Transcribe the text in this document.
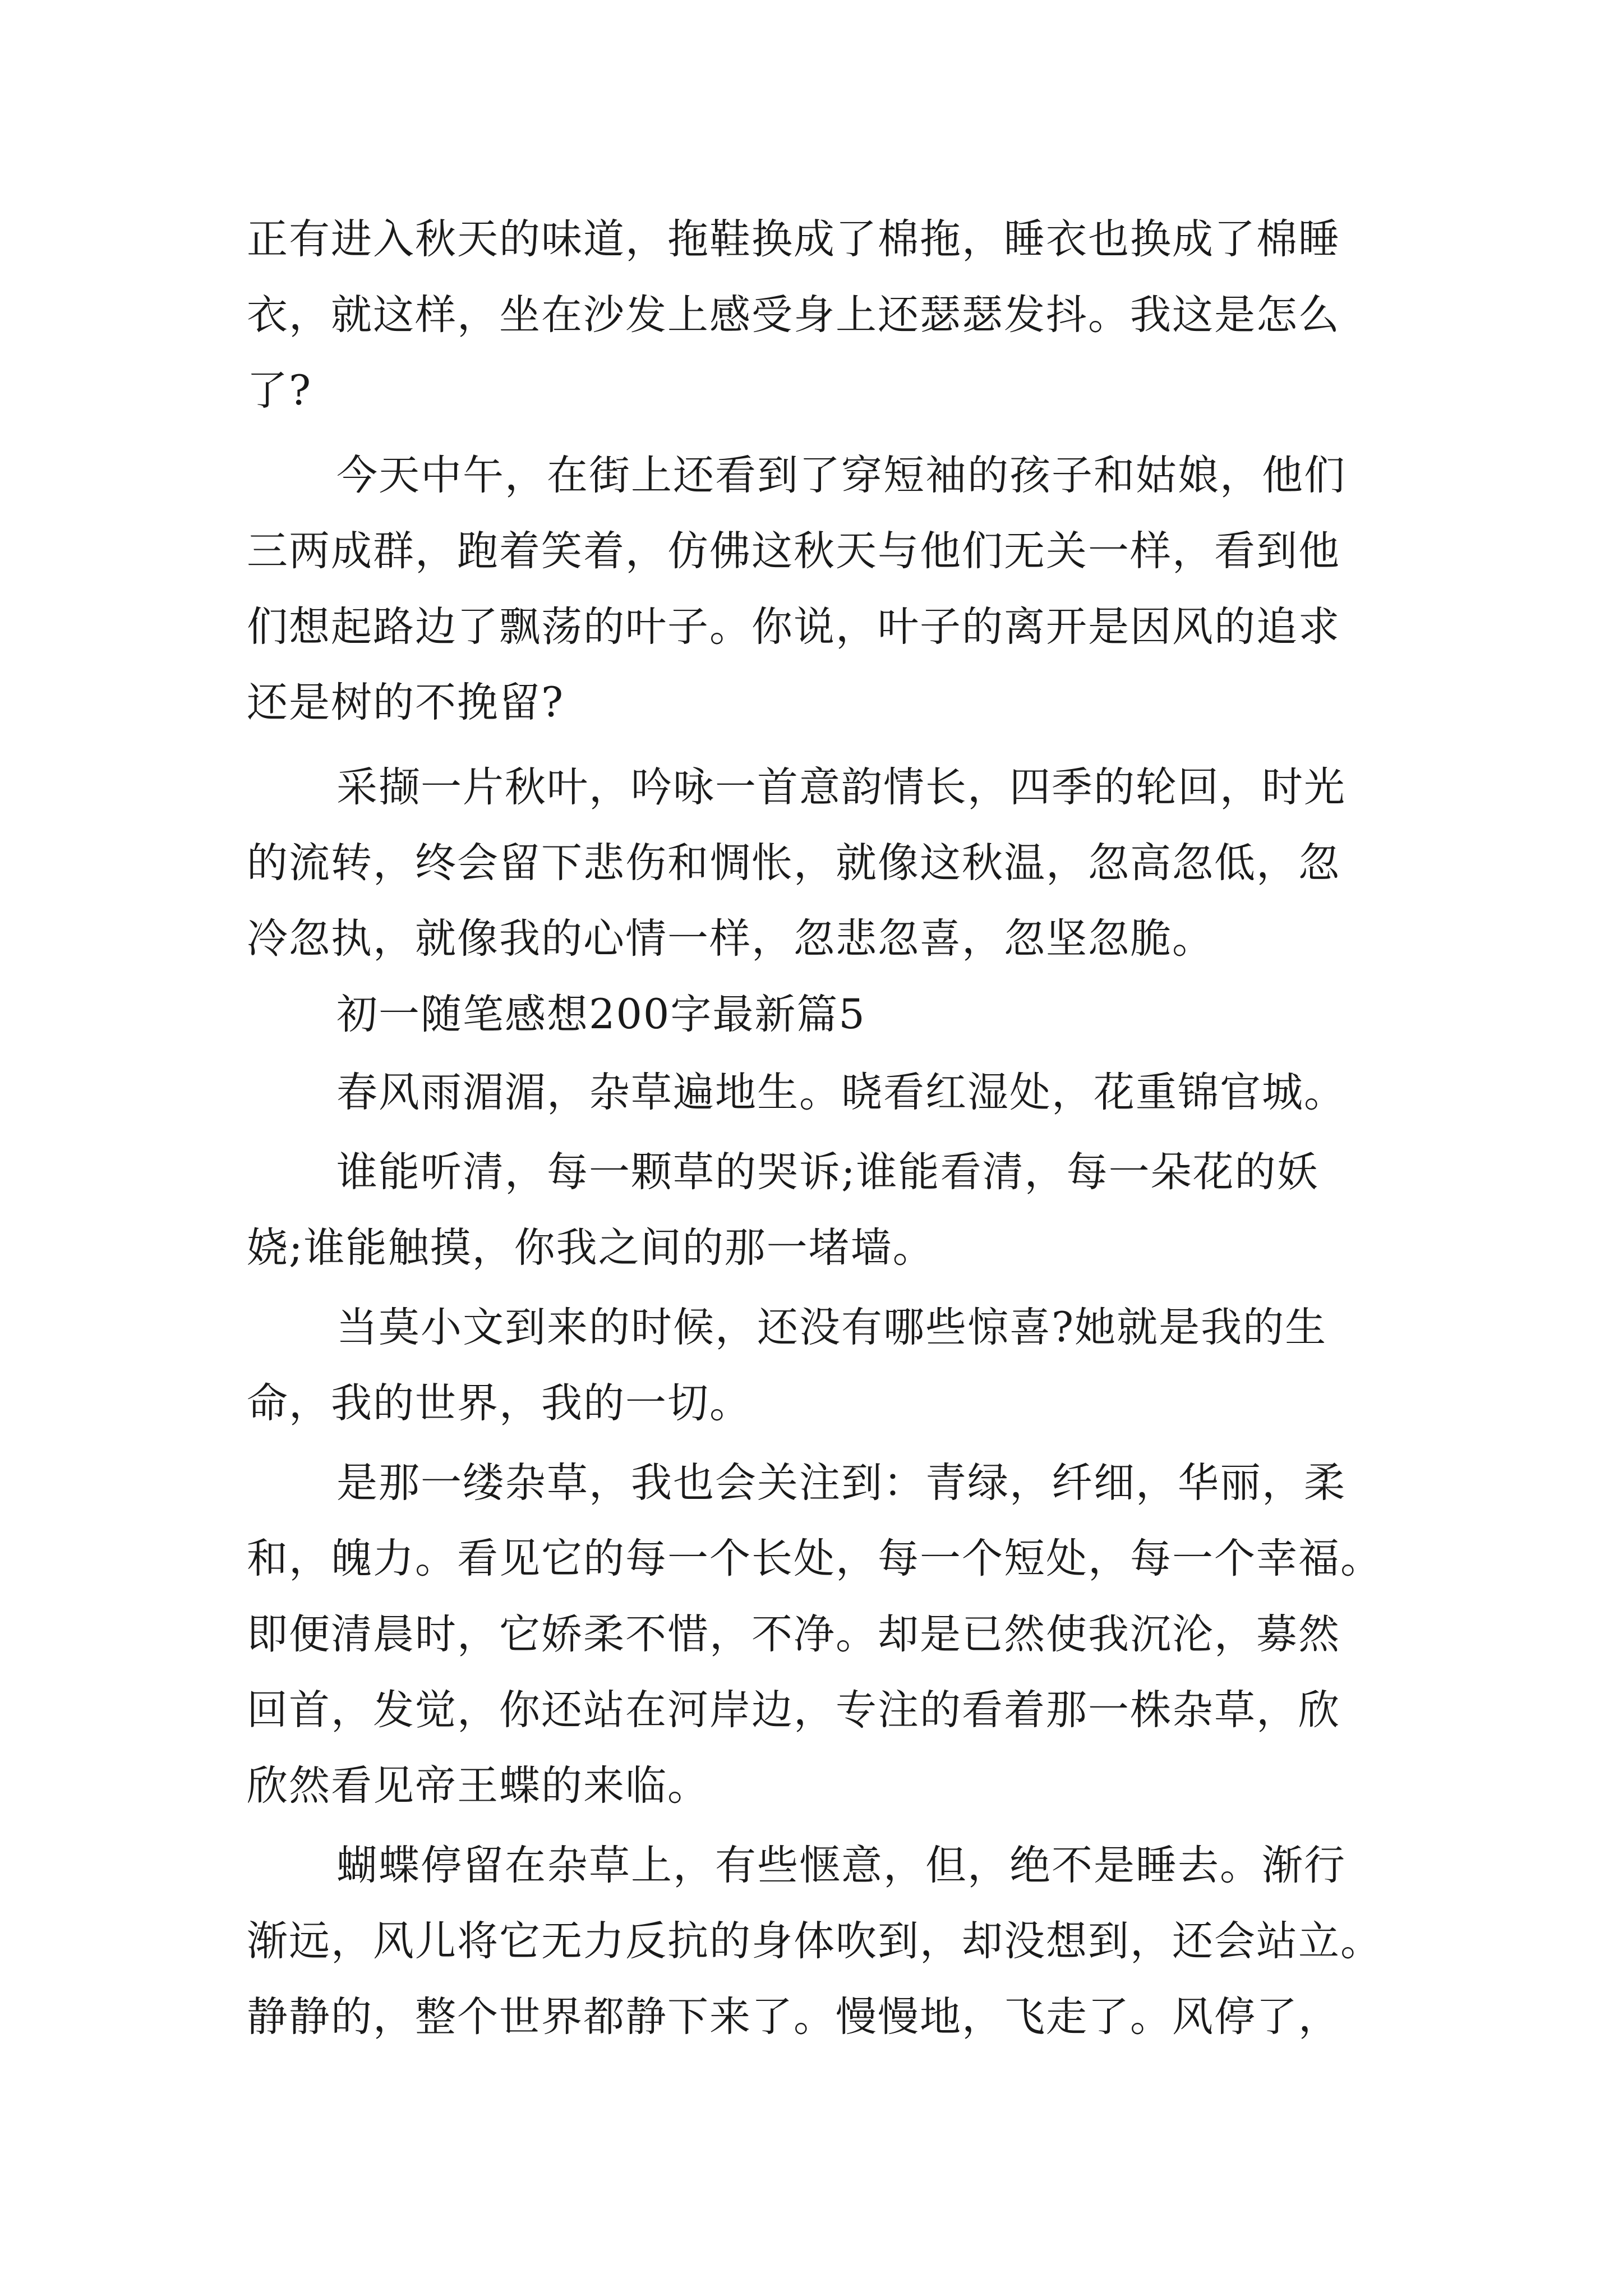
正有进入秋天的味道，拖鞋换成了棉拖，睡衣也换成了棉睡
衣，就这样，坐在沙发上感受身上还瑟瑟发抖。我这是怎么
了?
今天中午，在街上还看到了穿短袖的孩子和姑娘，他们
三两成群，跑着笑着，仿佛这秋天与他们无关一样，看到他
们想起路边了飘荡的叶子。你说，叶子的离开是因风的追求
还是树的不挽留?
采撷一片秋叶，吟咏一首意韵情长，四季的轮回，时光
的流转，终会留下悲伤和惆怅，就像这秋温，忽高忽低，忽
冷忽执，就像我的心情一样，忽悲忽喜，忽坚忽脆。
初一随笔感想200字最新篇5
春风雨湄湄，杂草遍地生。晓看红湿处，花重锦官城。
谁能听清，每一颗草的哭诉;谁能看清，每一朵花的妖
娆;谁能触摸，你我之间的那一堵墙。
当莫小文到来的时候，还没有哪些惊喜?她就是我的生
命，我的世界，我的一切。
是那一缕杂草，我也会关注到：青绿，纤细，华丽，柔
和，魄力。看见它的每一个长处，每一个短处，每一个幸福。
即便清晨时，它娇柔不惜，不净。却是已然使我沉沦，募然
回首，发觉，你还站在河岸边，专注的看着那一株杂草，欣
欣然看见帝王蝶的来临。
蝴蝶停留在杂草上，有些惬意，但，绝不是睡去。渐行
渐远，风儿将它无力反抗的身体吹到，却没想到，还会站立。
静静的，整个世界都静下来了。慢慢地，飞走了。风停了，
